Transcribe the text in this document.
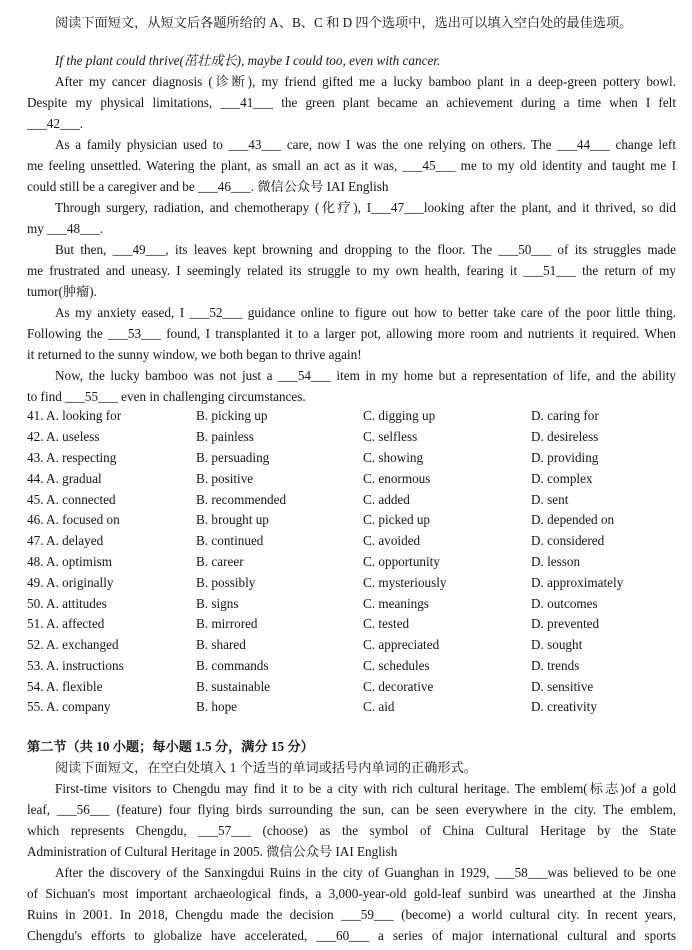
阅读下面短文，从短文后各题所给的 A、B、C 和 D 四个选项中，选出可以填入空白处的最佳选项。
If the plant could thrive(茁壮成长), maybe I could too, even with cancer.
After my cancer diagnosis (诊断), my friend gifted me a lucky bamboo plant in a deep-green pottery bowl.
Despite my physical limitations, ___41___ the green plant became an achievement during a time when I felt
___42___.
As a family physician used to ___43___ care, now I was the one relying on others. The ___44___ change left
me feeling unsettled. Watering the plant, as small an act as it was, ___45___ me to my old identity and taught me I
could still be a caregiver and be ___46___. 微信公众号 IAI English
Through surgery, radiation, and chemotherapy (化疗), I___47___looking after the plant, and it thrived, so did
my ___48___.
But then, ___49___, its leaves kept browning and dropping to the floor. The ___50___ of its struggles made
me frustrated and uneasy. I seemingly related its struggle to my own health, fearing it ___51___ the return of my
tumor(肿瘤).
As my anxiety eased, I ___52___ guidance online to figure out how to better take care of the poor little thing.
Following the ___53___ found, I transplanted it to a larger pot, allowing more room and nutrients it required. When
it returned to the sunny window, we both began to thrive again!
Now, the lucky bamboo was not just a ___54___ item in my home but a representation of life, and the ability
to find ___55___ even in challenging circumstances.
41. A. looking for	B. picking up	C. digging up	D. caring for
42. A. useless	B. painless	C. selfless	D. desireless
43. A. respecting	B. persuading	C. showing	D. providing
44. A. gradual	B. positive	C. enormous	D. complex
45. A. connected	B. recommended	C. added	D. sent
46. A. focused on	B. brought up	C. picked up	D. depended on
47. A. delayed	B. continued	C. avoided	D. considered
48. A. optimism	B. career	C. opportunity	D. lesson
49. A. originally	B. possibly	C. mysteriously	D. approximately
50. A. attitudes	B. signs	C. meanings	D. outcomes
51. A. affected	B. mirrored	C. tested	D. prevented
52. A. exchanged	B. shared	C. appreciated	D. sought
53. A. instructions	B. commands	C. schedules	D. trends
54. A. flexible	B. sustainable	C. decorative	D. sensitive
55. A. company	B. hope	C. aid	D. creativity
第二节（共 10 小题；每小题 1.5 分，满分 15 分）
阅读下面短文，在空白处填入 1 个适当的单词或括号内单词的正确形式。
First-time visitors to Chengdu may find it to be a city with rich cultural heritage. The emblem(标志)of a gold
leaf, ___56___ (feature) four flying birds surrounding the sun, can be seen everywhere in the city. The emblem,
which represents Chengdu, ___57___ (choose) as the symbol of China Cultural Heritage by the State
Administration of Cultural Heritage in 2005. 微信公众号 IAI English
After the discovery of the Sanxingdui Ruins in the city of Guanghan in 1929, ___58___was believed to be one
of Sichuan's most important archaeological finds, a 3,000-year-old gold-leaf sunbird was unearthed at the Jinsha
Ruins in 2001. In 2018, Chengdu made the decision ___59___ (become) a world cultural city. In recent years,
Chengdu's efforts to globalize have accelerated, ___60___ a series of major international cultural and sports
